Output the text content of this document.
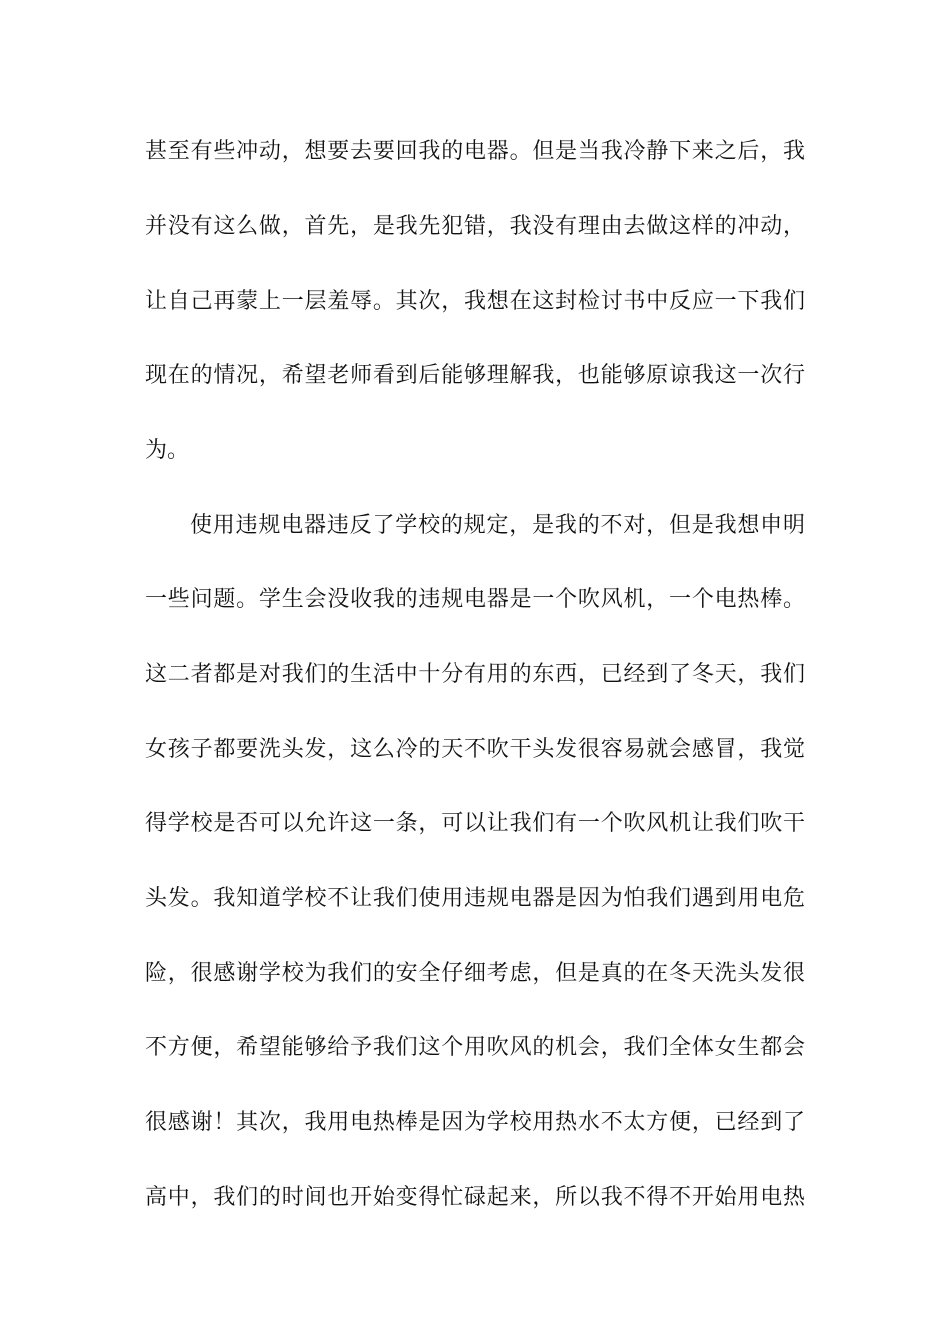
甚至有些冲动，想要去要回我的电器。但是当我冷静下来之后，我
并没有这么做，首先，是我先犯错，我没有理由去做这样的冲动，
让自己再蒙上一层羞辱。其次，我想在这封检讨书中反应一下我们
现在的情况，希望老师看到后能够理解我，也能够原谅我这一次行
为。
使用违规电器违反了学校的规定，是我的不对，但是我想申明
一些问题。学生会没收我的违规电器是一个吹风机，一个电热棒。
这二者都是对我们的生活中十分有用的东西，已经到了冬天，我们
女孩子都要洗头发，这么冷的天不吹干头发很容易就会感冒，我觉
得学校是否可以允许这一条，可以让我们有一个吹风机让我们吹干
头发。我知道学校不让我们使用违规电器是因为怕我们遇到用电危
险，很感谢学校为我们的安全仔细考虑，但是真的在冬天洗头发很
不方便，希望能够给予我们这个用吹风的机会，我们全体女生都会
很感谢！其次，我用电热棒是因为学校用热水不太方便，已经到了
高中，我们的时间也开始变得忙碌起来，所以我不得不开始用电热
